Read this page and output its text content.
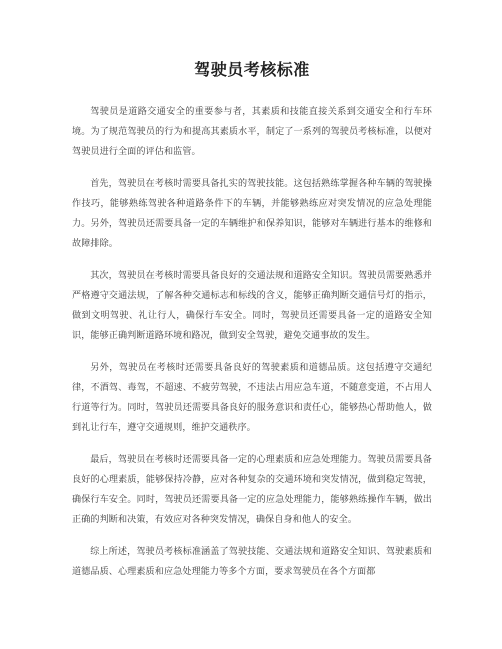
驾驶员考核标准

驾驶员是道路交通安全的重要参与者，其素质和技能直接关系到交通安全和行车环境。为了规范驾驶员的行为和提高其素质水平，制定了一系列的驾驶员考核标准，以便对驾驶员进行全面的评估和监管。

首先，驾驶员在考核时需要具备扎实的驾驶技能。这包括熟练掌握各种车辆的驾驶操作技巧，能够熟练驾驶各种道路条件下的车辆，并能够熟练应对突发情况的应急处理能力。另外，驾驶员还需要具备一定的车辆维护和保养知识，能够对车辆进行基本的维修和故障排除。

其次，驾驶员在考核时需要具备良好的交通法规和道路安全知识。驾驶员需要熟悉并严格遵守交通法规，了解各种交通标志和标线的含义，能够正确判断交通信号灯的指示，做到文明驾驶、礼让行人，确保行车安全。同时，驾驶员还需要具备一定的道路安全知识，能够正确判断道路环境和路况，做到安全驾驶，避免交通事故的发生。

另外，驾驶员在考核时还需要具备良好的驾驶素质和道德品质。这包括遵守交通纪律，不酒驾、毒驾，不超速、不疲劳驾驶，不违法占用应急车道，不随意变道，不占用人行道等行为。同时，驾驶员还需要具备良好的服务意识和责任心，能够热心帮助他人，做到礼让行车，遵守交通规则，维护交通秩序。

最后，驾驶员在考核时还需要具备一定的心理素质和应急处理能力。驾驶员需要具备良好的心理素质，能够保持冷静，应对各种复杂的交通环境和突发情况，做到稳定驾驶，确保行车安全。同时，驾驶员还需要具备一定的应急处理能力，能够熟练操作车辆，做出正确的判断和决策，有效应对各种突发情况，确保自身和他人的安全。

综上所述，驾驶员考核标准涵盖了驾驶技能、交通法规和道路安全知识、驾驶素质和道德品质、心理素质和应急处理能力等多个方面，要求驾驶员在各个方面都
